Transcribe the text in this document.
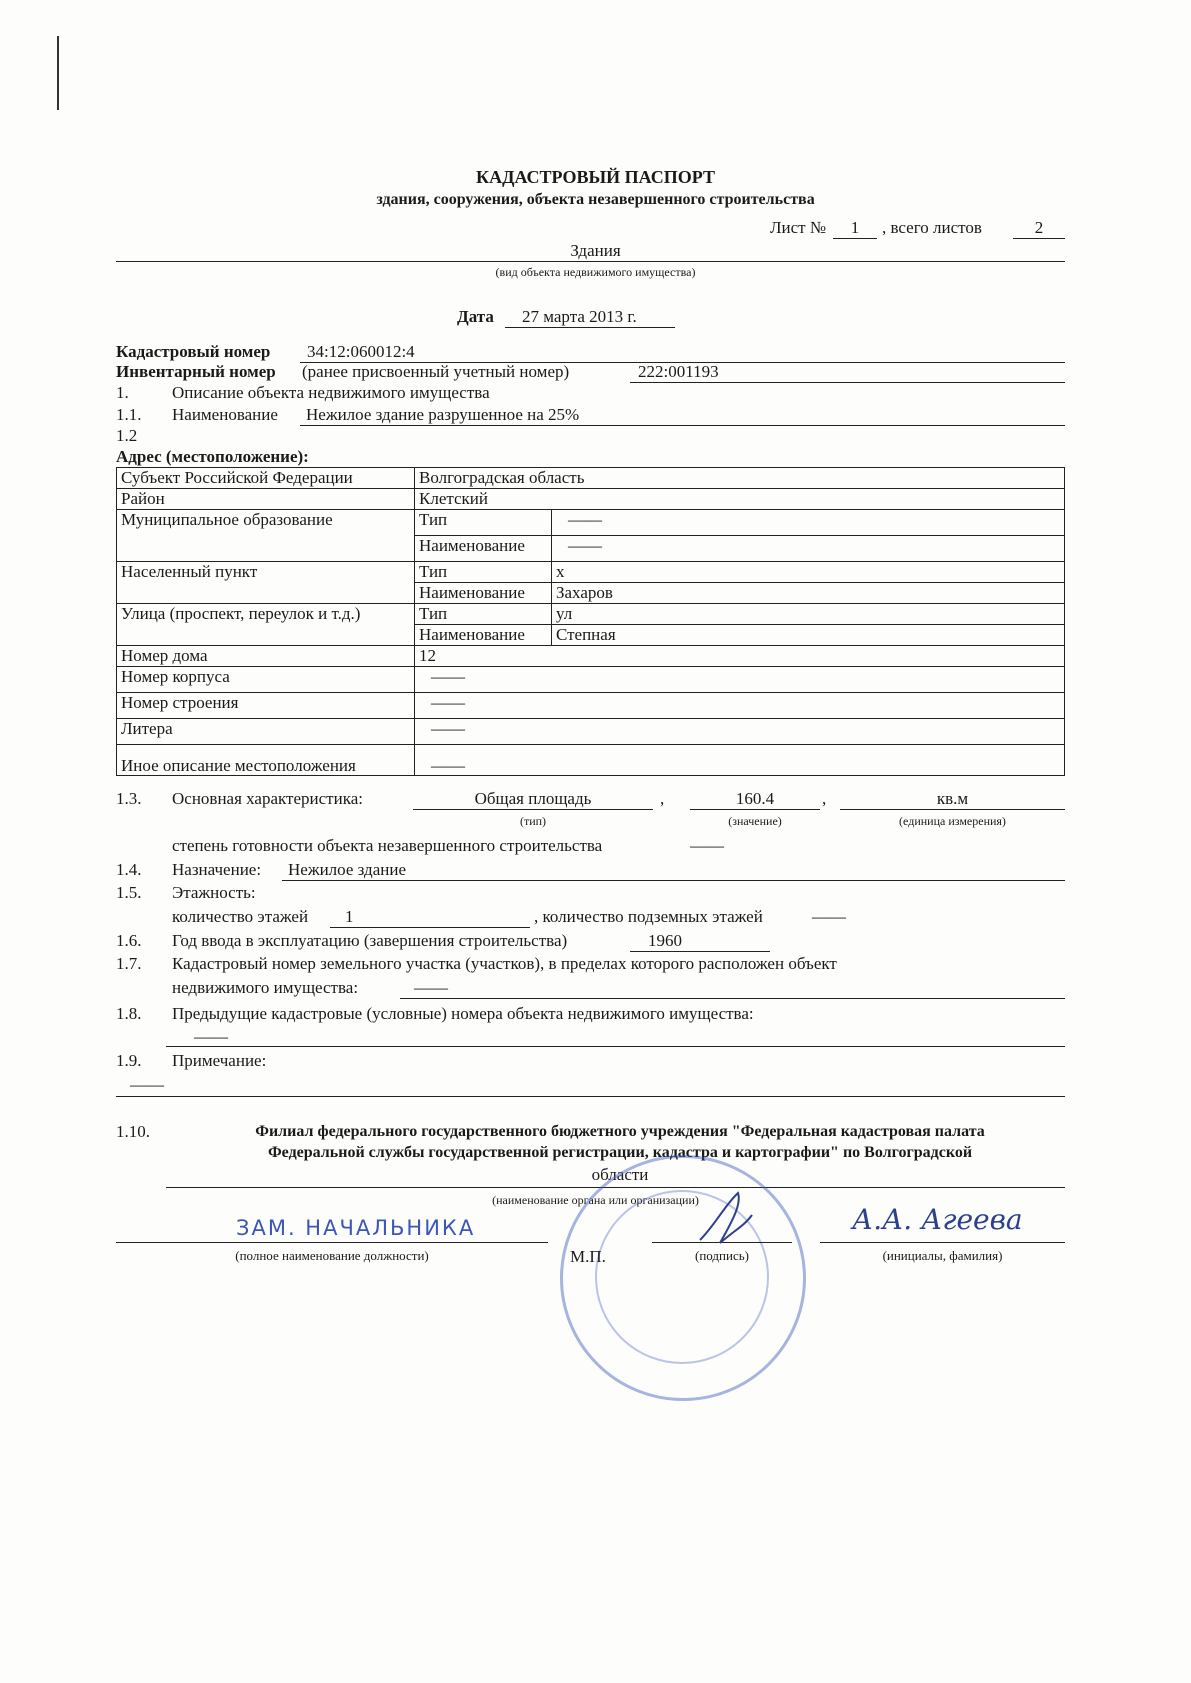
КАДАСТРОВЫЙ ПАСПОРТ
здания, сооружения, объекта незавершенного строительства
Лист №	1	, всего листов	2
Здания
(вид объекта недвижимого имущества)
Дата 27 марта 2013 г.
Кадастровый номер 34:12:060012:4
Инвентарный номер (ранее присвоенный учетный номер)	222:001193
1.	Описание объекта недвижимого имущества
1.1. Наименование Нежилое здание разрушенное на 25%
1.2
Адрес (местоположение):
Субъект Российской Федерации	Волгоградская область	
Район	Клетский	
Муниципальное образование	Тип	——
	Наименование	——
Населенный пункт	Тип	х
	Наименование	Захаров
Улица (проспект, переулок и т.д.)	Тип	ул
	Наименование	Степная
Номер дома	12	
Номер корпуса	——	
Номер строения	——	
Литера	——	
Иное описание местоположения	——	
1.3. Основная характеристика:	Общая площадь	,	160.4	,	кв.м
(тип)	(значение)	(единица измерения)
степень готовности объекта незавершенного строительства	——
1.4. Назначение: Нежилое здание
1.5. Этажность:
количество этажей 1	, количество подземных этажей	——
1.6. Год ввода в эксплуатацию (завершения строительства)	1960
1.7. Кадастровый номер земельного участка (участков), в пределах которого расположен объект
недвижимого имущества:	——
1.8. Предыдущие кадастровые (условные) номера объекта недвижимого имущества:
——
1.9. Примечание:
——
1.10.	Филиал федерального государственного бюджетного учреждения "Федеральная кадастровая палата
Федеральной службы государственной регистрации, кадастра и картографии" по Волгоградской
области
(наименование органа или организации)
ЗАМ. НАЧАЛЬНИКА
(полное наименование должности)	М.П.	(подпись)
А.А. Агеева
(инициалы, фамилия)
